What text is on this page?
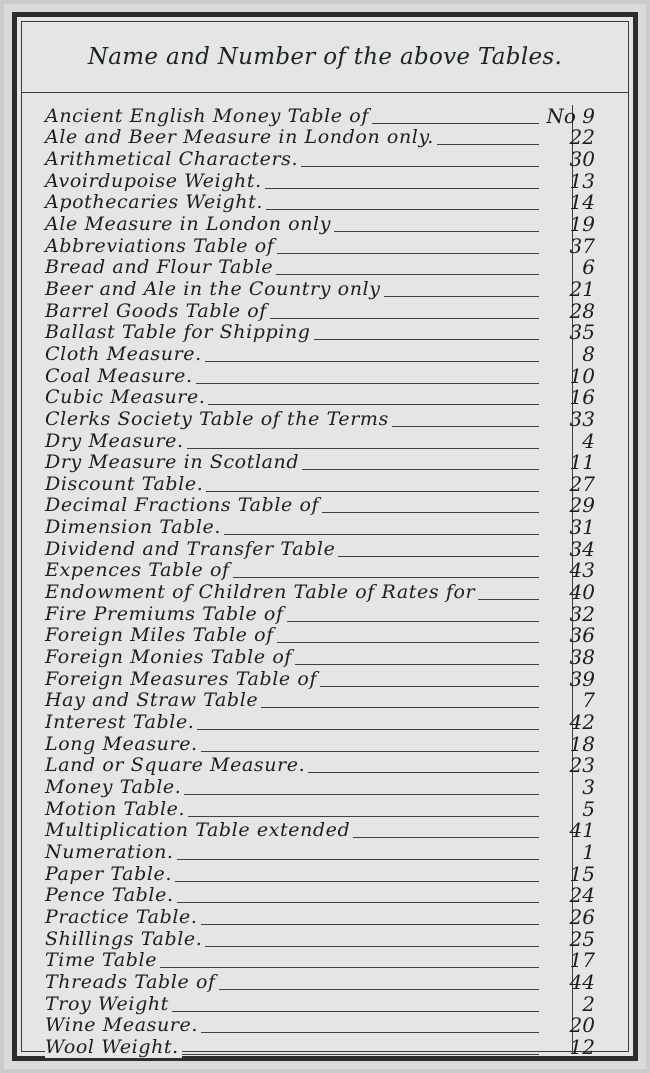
Name and Number of the above Tables.
Ancient English Money Table of	No 9
Ale and Beer Measure in London only.	22
Arithmetical Characters.	30
Avoirdupoise Weight.	13
Apothecaries Weight.	14
Ale Measure in London only	19
Abbreviations Table of	37
Bread and Flour Table	6
Beer and Ale in the Country only	21
Barrel Goods Table of	28
Ballast Table for Shipping	35
Cloth Measure.	8
Coal Measure.	10
Cubic Measure.	16
Clerks Society Table of the Terms	33
Dry Measure.	4
Dry Measure in Scotland	11
Discount Table.	27
Decimal Fractions Table of	29
Dimension Table.	31
Dividend and Transfer Table	34
Expences Table of	43
Endowment of Children Table of Rates for	40
Fire Premiums Table of	32
Foreign Miles Table of	36
Foreign Monies Table of	38
Foreign Measures Table of	39
Hay and Straw Table	7
Interest Table.	42
Long Measure.	18
Land or Square Measure.	23
Money Table.	3
Motion Table.	5
Multiplication Table extended	41
Numeration.	1
Paper Table.	15
Pence Table.	24
Practice Table.	26
Shillings Table.	25
Time Table	17
Threads Table of	44
Troy Weight	2
Wine Measure.	20
Wool Weight.	12
